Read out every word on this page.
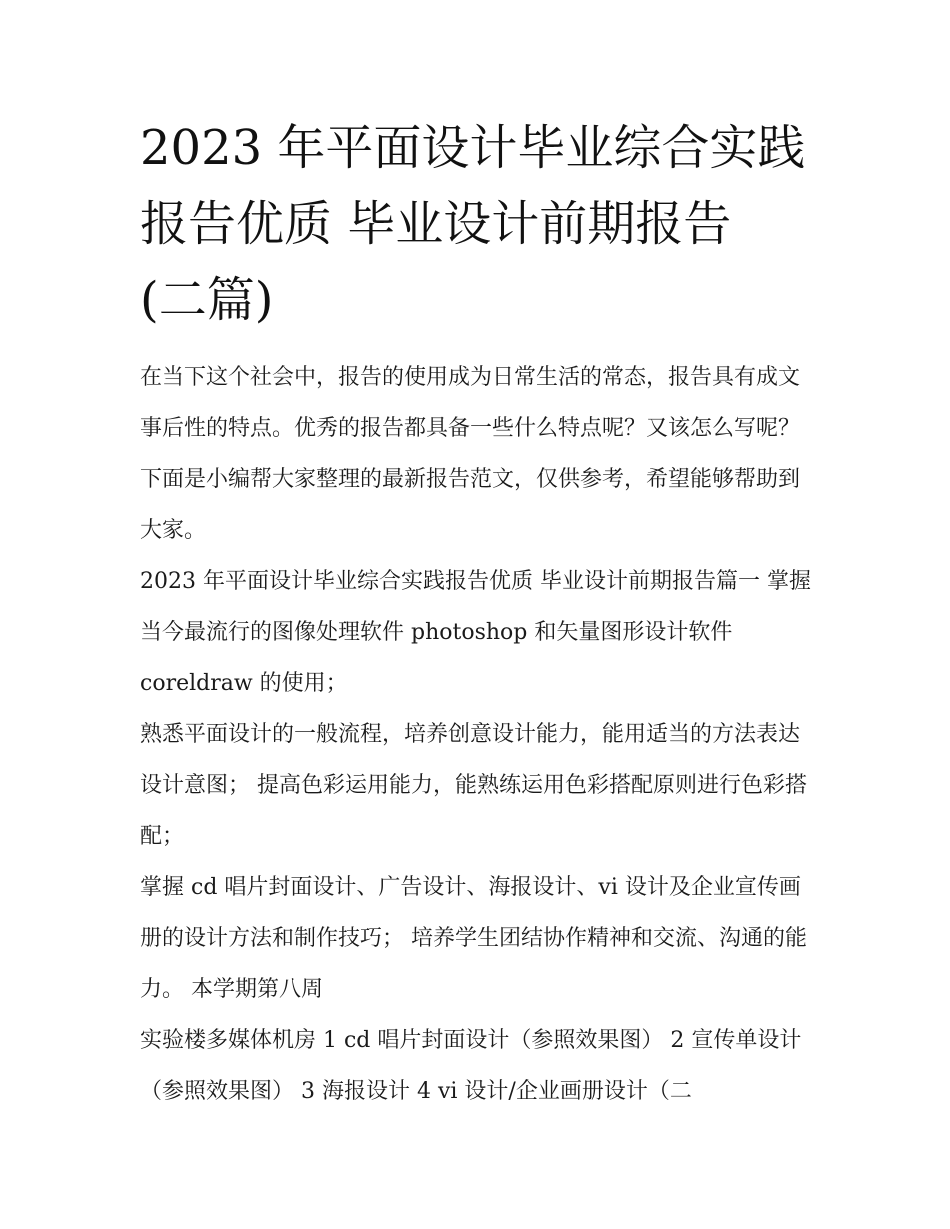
2023 年平面设计毕业综合实践
报告优质 毕业设计前期报告
(二篇)

在当下这个社会中，报告的使用成为日常生活的常态，报告具有成文事后性的特点。优秀的报告都具备一些什么特点呢？又该怎么写呢？下面是小编帮大家整理的最新报告范文，仅供参考，希望能够帮助到大家。

2023 年平面设计毕业综合实践报告优质 毕业设计前期报告篇一 掌握当今最流行的图像处理软件 photoshop 和矢量图形设计软件 coreldraw 的使用；

熟悉平面设计的一般流程，培养创意设计能力，能用适当的方法表达设计意图； 提高色彩运用能力，能熟练运用色彩搭配原则进行色彩搭配；

掌握 cd 唱片封面设计、广告设计、海报设计、vi 设计及企业宣传画册的设计方法和制作技巧； 培养学生团结协作精神和交流、沟通的能力。 本学期第八周

实验楼多媒体机房 1 cd 唱片封面设计（参照效果图） 2 宣传单设计（参照效果图） 3 海报设计 4 vi 设计/企业画册设计（二
